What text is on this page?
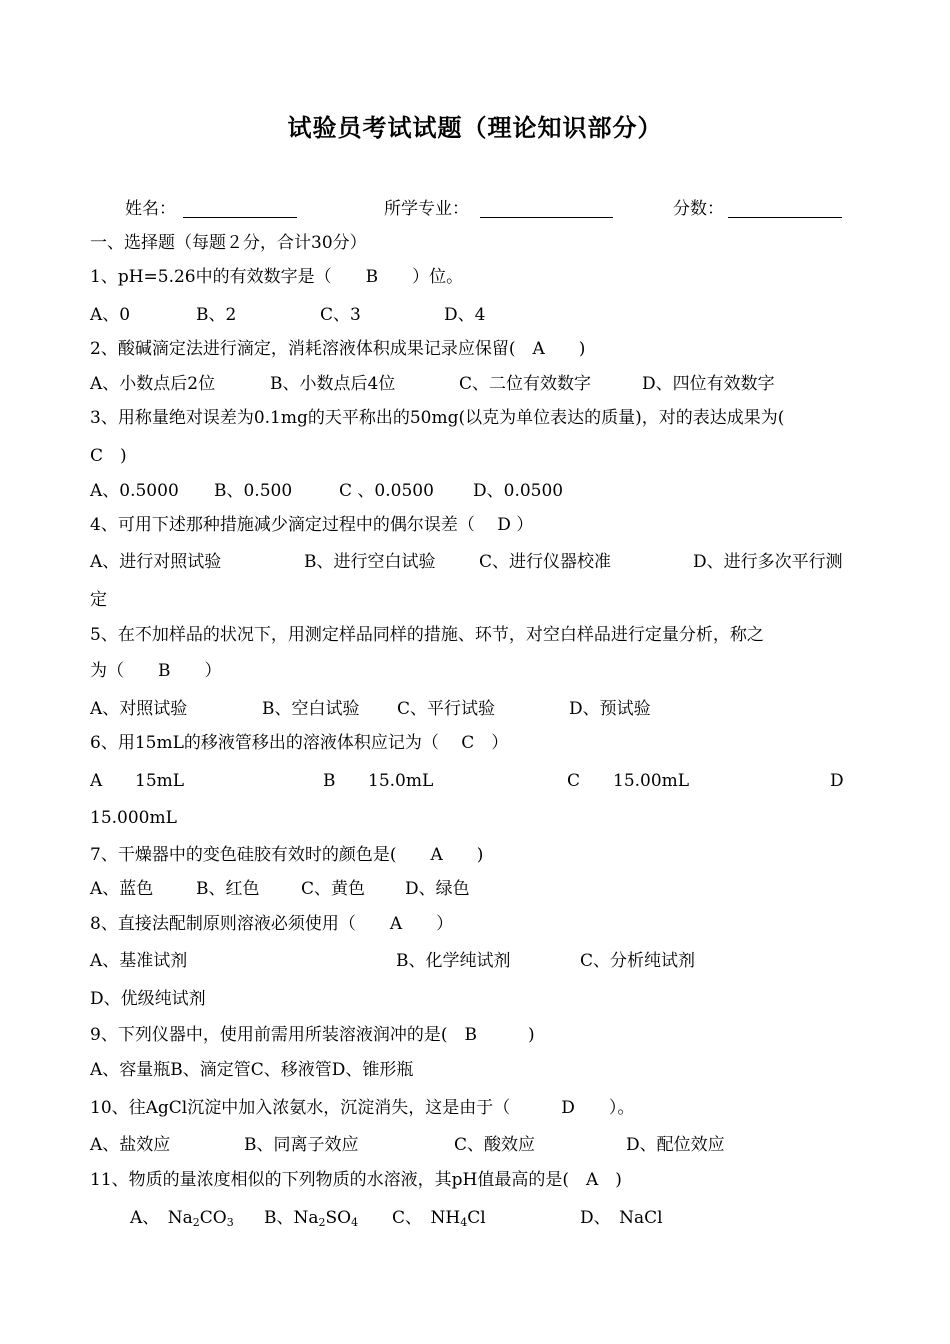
试验员考试试题（理论知识部分）
姓名：	所学专业：	分数：
一、选择题（每题２分，合计30分）
1、pH=5.26中的有效数字是（　　B　　）位。
A、0	B、2	C、3	D、4
2、酸碱滴定法进行滴定，消耗溶液体积成果记录应保留(　A　　)
A、小数点后2位	B、小数点后4位	C、二位有效数字	D、四位有效数字
3、用称量绝对误差为0.1mg的天平称出的50mg(以克为单位表达的质量)，对的表达成果为(
C　)
A、0.5000 B、0.500	C 、0.0500 D、0.0500
4、可用下述那种措施减少滴定过程中的偶尔误差（　 D ）
A、进行对照试验	B、进行空白试验	C、进行仪器校准	D、进行多次平行测
定
5、在不加样品的状况下，用测定样品同样的措施、环节，对空白样品进行定量分析，称之
为（　　B　　）
A、对照试验	B、空白试验 C、平行试验	D、预试验
6、用15mL的移液管移出的溶液体积应记为（　 C　）
A 15mL	B 15.0mL	C 15.00mL	D
15.000mL
7、干燥器中的变色硅胶有效时的颜色是(　　A　　)
A、蓝色	B、红色 C、黄色 D、绿色
8、直接法配制原则溶液必须使用（　　A　　）
A、基准试剂	B、化学纯试剂	C、分析纯试剂
D、优级纯试剂
9、下列仪器中，使用前需用所装溶液润冲的是(　B　　　)
A、容量瓶B、滴定管C、移液管D、锥形瓶
10、往AgCl沉淀中加入浓氨水，沉淀消失，这是由于（　　　D　　）。
A、盐效应	B、同离子效应	C、酸效应	D、配位效应
11、物质的量浓度相似的下列物质的水溶液，其pH值最高的是(　A　)
A、　$Na_2CO_3$ B、$Na_2SO_4$ C、　$NH_4Cl$	D、　NaCl
